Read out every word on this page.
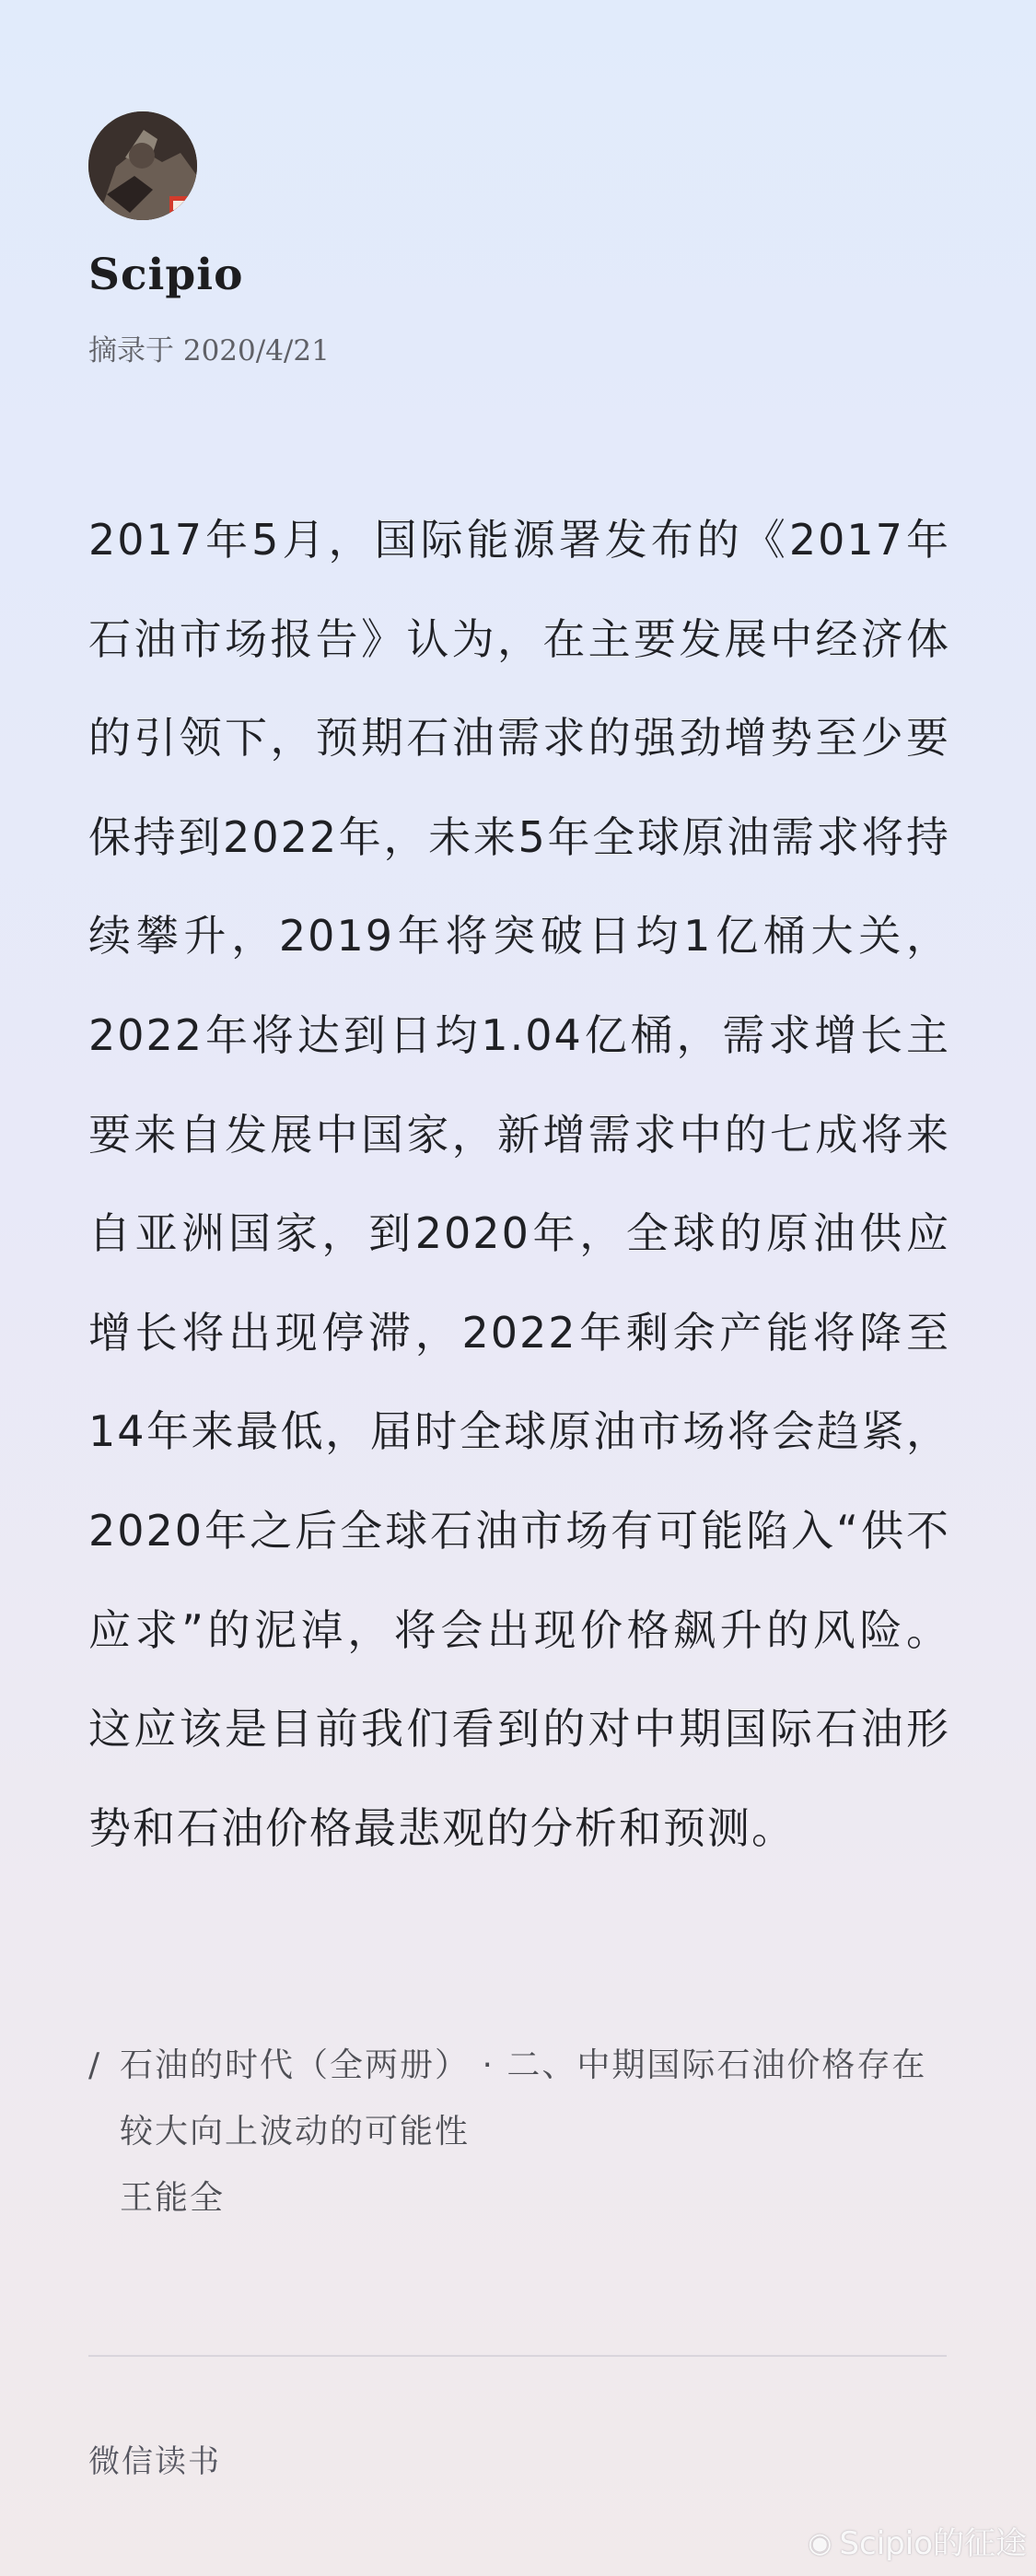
Scipio
摘录于 2020/4/21

2017年5月，国际能源署发布的《2017年石油市场报告》认为，在主要发展中经济体的引领下，预期石油需求的强劲增势至少要保持到2022年，未来5年全球原油需求将持续攀升，2019年将突破日均1亿桶大关，2022年将达到日均1.04亿桶，需求增长主要来自发展中国家，新增需求中的七成将来自亚洲国家，到2020年，全球的原油供应增长将出现停滞，2022年剩余产能将降至14年来最低，届时全球原油市场将会趋紧，2020年之后全球石油市场有可能陷入“供不应求”的泥淖，将会出现价格飙升的风险。这应该是目前我们看到的对中期国际石油形势和石油价格最悲观的分析和预测。

/ 石油的时代（全两册） · 二、中期国际石油价格存在较大向上波动的可能性
王能全
微信读书
◉ Scipio的征途
